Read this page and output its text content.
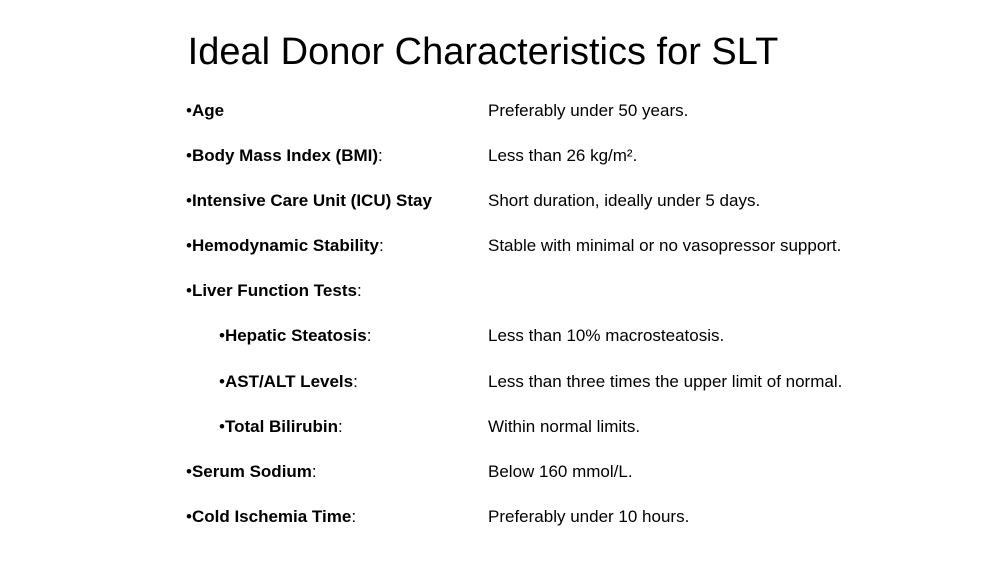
Ideal Donor Characteristics for SLT
•Age	Preferably under 50 years.
•Body Mass Index (BMI):	Less than 26 kg/m².
•Intensive Care Unit (ICU) Stay	Short duration, ideally under 5 days.
•Hemodynamic Stability:	Stable with minimal or no vasopressor support.
•Liver Function Tests:
•Hepatic Steatosis:	Less than 10% macrosteatosis.
•AST/ALT Levels:	Less than three times the upper limit of normal.
•Total Bilirubin:	Within normal limits.
•Serum Sodium:	Below 160 mmol/L.
•Cold Ischemia Time:	Preferably under 10 hours.
